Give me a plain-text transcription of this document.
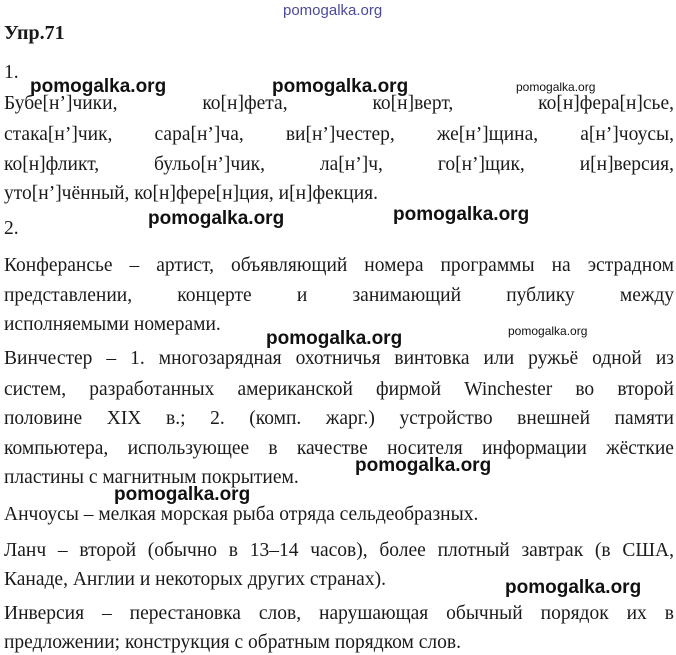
pomogalka.org
pomogalka.org	pomogalka.org	pomogalka.org
pomogalka.org	pomogalka.org
pomogalka.org	pomogalka.org
pomogalka.org
pomogalka.org
pomogalka.org
Упр.71
1.
Бубе[н’]чики,	ко[н]фета,	ко[н]верт,	ко[н]фера[н]сье,
стака[н’]чик, сара[н’]ча, ви[н’]честер, же[н’]щина, а[н’]чоусы,
ко[н]фликт,	бульо[н’]чик,	ла[н’]ч,	го[н’]щик,	и[н]версия,
уто[н’]чённый, ко[н]фере[н]ция, и[н]фекция.
2.
Конферансье – артист, объявляющий номера программы на эстрадном
представлении, концерте и занимающий публику между
исполняемыми номерами.
Винчестер – 1. многозарядная охотничья винтовка или ружьё одной из
систем, разработанных американской фирмой Winchester во второй
половине XIX в.; 2. (комп. жарг.) устройство внешней памяти
компьютера, использующее в качестве носителя информации жёсткие
пластины с магнитным покрытием.
Анчоусы – мелкая морская рыба отряда сельдеобразных.
Ланч – второй (обычно в 13–14 часов), более плотный завтрак (в США,
Канаде, Англии и некоторых других странах).
Инверсия – перестановка слов, нарушающая обычный порядок их в
предложении; конструкция с обратным порядком слов.
